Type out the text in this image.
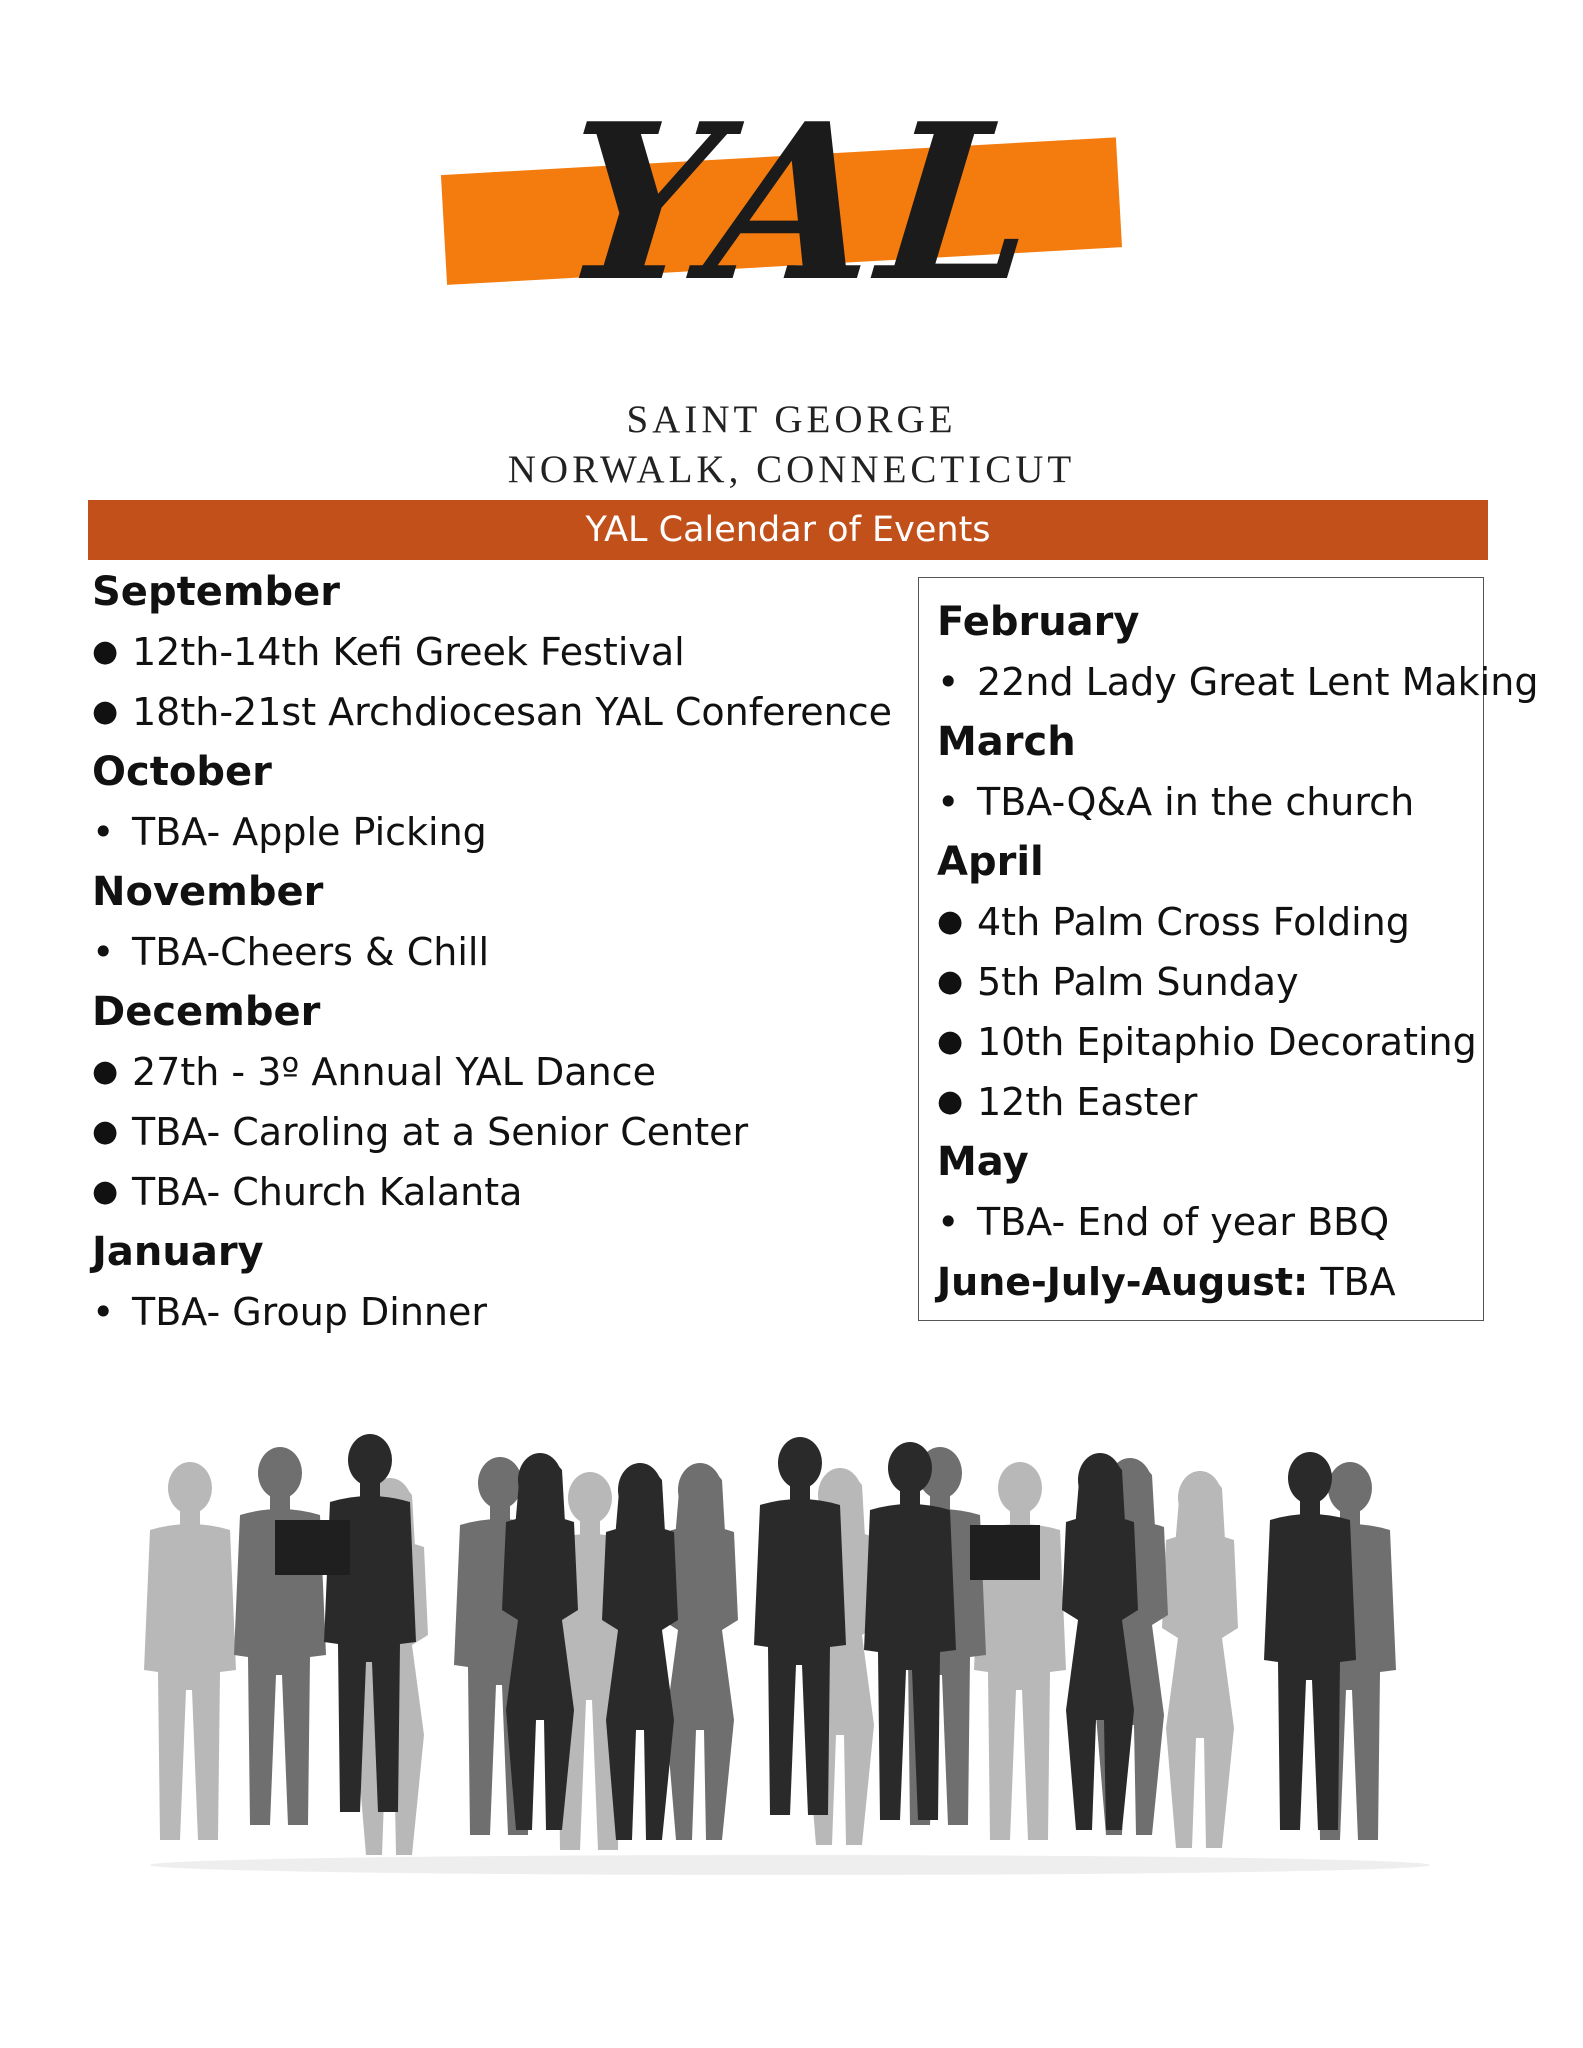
YAL
SAINT GEORGE
NORWALK, CONNECTICUT
YAL Calendar of Events
September
● 12th-14th Kefi Greek Festival
● 18th-21st Archdiocesan YAL Conference
October
• TBA- Apple Picking
November
• TBA-Cheers & Chill
December
● 27th - 3º Annual YAL Dance
● TBA- Caroling at a Senior Center
● TBA- Church Kalanta
January
• TBA- Group Dinner
February
• 22nd Lady Great Lent Making
March
• TBA-Q&A in the church
April
● 4th Palm Cross Folding
● 5th Palm Sunday
● 10th Epitaphio Decorating
● 12th Easter
May
• TBA- End of year BBQ
June-July-August: TBA
